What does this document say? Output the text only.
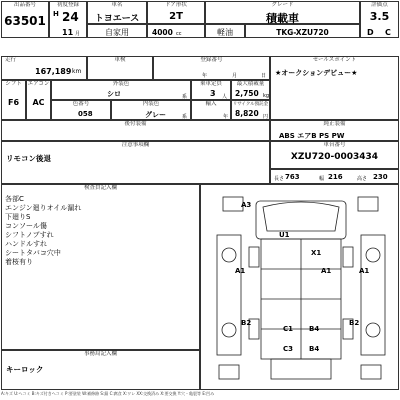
出品番号
63501
初度登録
H 24
11 月
車名
トヨエース
自家用
ドア形状
2T
4000 cc
グレード
積載車
軽油	TKG-XZU720
評価点
3.5
D C
走行
167,189 km
車検	登録番号
年	月	日
セールスポイント
★オークションデビュー★
シフト
F6
エアコン
AC
外装色
シロ	系
乗車定員
3 人
最大積載量
2,750 kg
色番号
058
内装色
グレー	系
輸入
年
リサイクル預託金
8,820 円
後付装備	純正装備
ABS エアB PS PW
注意事項欄
リモコン後退
車台番号
XZU720-0003434
長さ 763	幅 216	高さ 230
検査員記入欄
各部C
エンジン廻りオイル漏れ
下廻りS
コンソール傷
シフトノブすれ
ハンドルすれ
シートタバコ穴中
着桜有り
A3
A1
U1
X1
A1	A1
B2
C1 B4
B2
C3 B4
事務局記入欄
キーロック
A:キズ U:ヘコミ B:キズ付きヘコミ P:要塗装 W:補修跡 S:錆 C:腐食 X:ワレ XX:交換済み X:要交換 Y:穴・亀裂等 E:凹み
